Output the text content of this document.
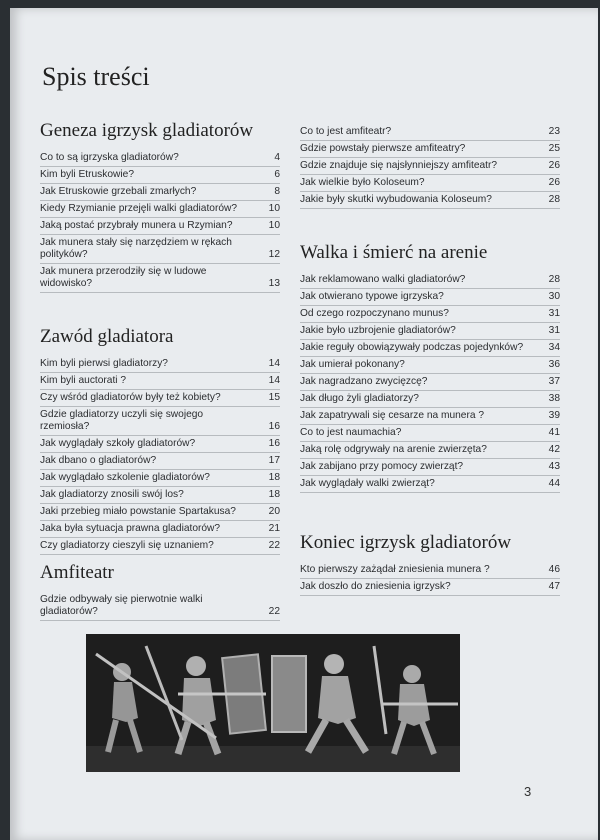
Spis treści
Geneza igrzysk gladiatorów
Co to są igrzyska gladiatorów?	4
Kim byli Etruskowie?	6
Jak Etruskowie grzebali zmarłych?	8
Kiedy Rzymianie przejęli walki gladiatorów?	10
Jaką postać przybrały munera u Rzymian?	10
Jak munera stały się narzędziem w rękach polityków?	12
Jak munera przerodziły się w ludowe widowisko?	13
Zawód gladiatora
Kim byli pierwsi gladiatorzy?	14
Kim byli auctorati ?	14
Czy wśród gladiatorów były też kobiety?	15
Gdzie gladiatorzy uczyli się swojego rzemiosła?	16
Jak wyglądały szkoły gladiatorów?	16
Jak dbano o gladiatorów?	17
Jak wyglądało szkolenie gladiatorów?	18
Jak gladiatorzy znosili swój los?	18
Jaki przebieg miało powstanie Spartakusa?	20
Jaka była sytuacja prawna gladiatorów?	21
Czy gladiatorzy cieszyli się uznaniem?	22
Amfiteatr
Gdzie odbywały się pierwotnie walki gladiatorów?	22
Co to jest amfiteatr?	23
Gdzie powstały pierwsze amfiteatry?	25
Gdzie znajduje się najsłynniejszy amfiteatr?	26
Jak wielkie było Koloseum?	26
Jakie były skutki wybudowania Koloseum?	28
Walka i śmierć na arenie
Jak reklamowano walki gladiatorów?	28
Jak otwierano typowe igrzyska?	30
Od czego rozpoczynano munus?	31
Jakie było uzbrojenie gladiatorów?	31
Jakie reguły obowiązywały podczas pojedynków?	34
Jak umierał pokonany?	36
Jak nagradzano zwycięzcę?	37
Jak długo żyli gladiatorzy?	38
Jak zapatrywali się cesarze na munera ?	39
Co to jest naumachia?	41
Jaką rolę odgrywały na arenie zwierzęta?	42
Jak zabijano przy pomocy zwierząt?	43
Jak wyglądały walki zwierząt?	44
Koniec igrzysk gladiatorów
Kto pierwszy zażądał zniesienia munera ?	46
Jak doszło do zniesienia igrzysk?	47
3
